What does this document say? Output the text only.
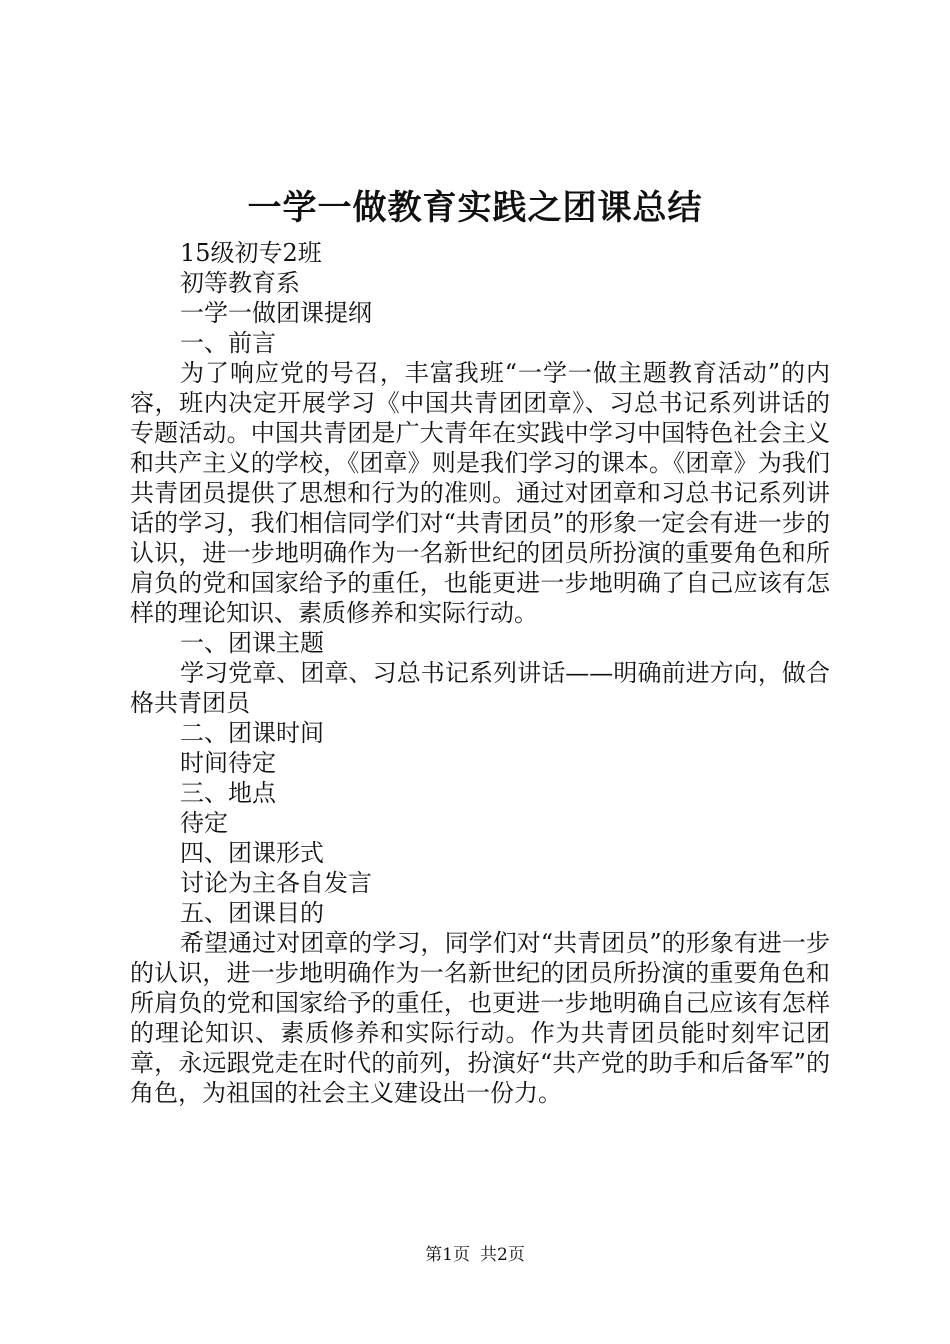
一学一做教育实践之团课总结

15级初专2班

初等教育系

一学一做团课提纲

一、前言

为了响应党的号召，丰富我班“一学一做主题教育活动”的内容，班内决定开展学习《中国共青团团章》、习总书记系列讲话的专题活动。中国共青团是广大青年在实践中学习中国特色社会主义和共产主义的学校，《团章》则是我们学习的课本。《团章》为我们共青团员提供了思想和行为的准则。通过对团章和习总书记系列讲话的学习，我们相信同学们对“共青团员”的形象一定会有进一步的认识，进一步地明确作为一名新世纪的团员所扮演的重要角色和所肩负的党和国家给予的重任，也能更进一步地明确了自己应该有怎样的理论知识、素质修养和实际行动。

一、团课主题

学习党章、团章、习总书记系列讲话——明确前进方向，做合格共青团员

二、团课时间

时间待定

三、地点

待定

四、团课形式

讨论为主各自发言

五、团课目的

希望通过对团章的学习，同学们对“共青团员”的形象有进一步的认识，进一步地明确作为一名新世纪的团员所扮演的重要角色和所肩负的党和国家给予的重任，也更进一步地明确自己应该有怎样的理论知识、素质修养和实际行动。作为共青团员能时刻牢记团章，永远跟党走在时代的前列，扮演好“共产党的助手和后备军”的角色，为祖国的社会主义建设出一份力。

第1页 共2页
